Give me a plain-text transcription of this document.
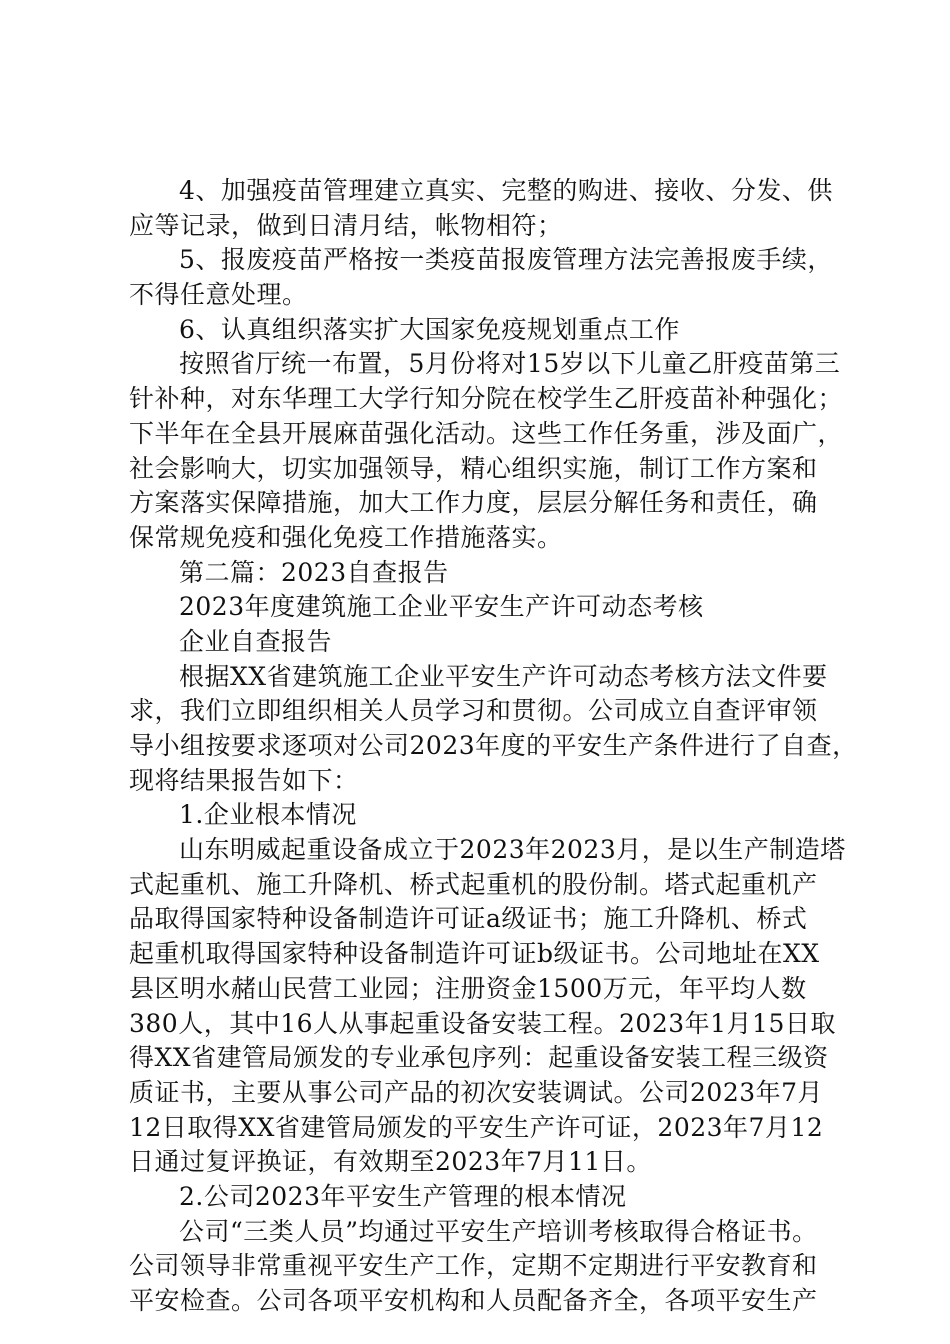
4、加强疫苗管理建立真实、完整的购进、接收、分发、供
应等记录，做到日清月结，帐物相符；
5、报废疫苗严格按一类疫苗报废管理方法完善报废手续，
不得任意处理。
6、认真组织落实扩大国家免疫规划重点工作
按照省厅统一布置，5月份将对15岁以下儿童乙肝疫苗第三
针补种，对东华理工大学行知分院在校学生乙肝疫苗补种强化；
下半年在全县开展麻苗强化活动。这些工作任务重，涉及面广，
社会影响大，切实加强领导，精心组织实施，制订工作方案和
方案落实保障措施，加大工作力度，层层分解任务和责任，确
保常规免疫和强化免疫工作措施落实。
第二篇：2023自查报告
2023年度建筑施工企业平安生产许可动态考核
企业自查报告
根据XX省建筑施工企业平安生产许可动态考核方法文件要
求，我们立即组织相关人员学习和贯彻。公司成立自查评审领
导小组按要求逐项对公司2023年度的平安生产条件进行了自查，
现将结果报告如下：
1.企业根本情况
山东明威起重设备成立于2023年2023月，是以生产制造塔
式起重机、施工升降机、桥式起重机的股份制。塔式起重机产
品取得国家特种设备制造许可证a级证书；施工升降机、桥式
起重机取得国家特种设备制造许可证b级证书。公司地址在XX
县区明水赭山民营工业园；注册资金1500万元，年平均人数
380人，其中16人从事起重设备安装工程。2023年1月15日取
得XX省建管局颁发的专业承包序列：起重设备安装工程三级资
质证书，主要从事公司产品的初次安装调试。公司2023年7月
12日取得XX省建管局颁发的平安生产许可证，2023年7月12
日通过复评换证，有效期至2023年7月11日。
2.公司2023年平安生产管理的根本情况
公司“三类人员”均通过平安生产培训考核取得合格证书。
公司领导非常重视平安生产工作，定期不定期进行平安教育和
平安检查。公司各项平安机构和人员配备齐全，各项平安生产
